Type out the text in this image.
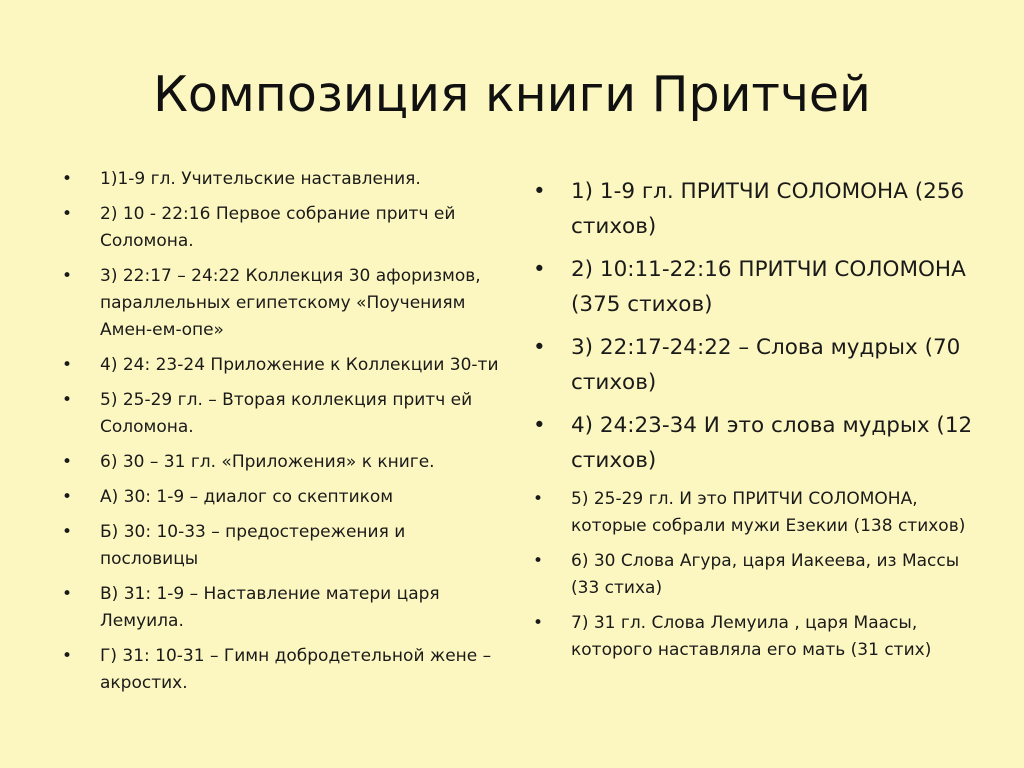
Композиция книги Притчей
• 1)1-9 гл. Учительские наставления.
• 2) 10 - 22:16 Первое собрание притч ей Соломона.
• 3) 22:17 – 24:22 Коллекция 30 афоризмов, параллельных египетскому «Поучениям Амен-ем-опе»
• 4) 24: 23-24 Приложение к Коллекции 30-ти
• 5) 25-29 гл. – Вторая коллекция притч ей Соломона.
• 6) 30 – 31 гл. «Приложения» к книге.
• А) 30: 1-9 – диалог со скептиком
• Б) 30: 10-33 – предостережения и пословицы
• В) 31: 1-9 – Наставление матери царя Лемуила.
• Г) 31: 10-31 – Гимн добродетельной жене – акростих.
• 1) 1-9 гл. ПРИТЧИ СОЛОМОНА (256 стихов)
• 2) 10:11-22:16 ПРИТЧИ СОЛОМОНА (375 стихов)
• 3) 22:17-24:22 – Слова мудрых (70 стихов)
• 4) 24:23-34 И это слова мудрых (12 стихов)
• 5) 25-29 гл. И это ПРИТЧИ СОЛОМОНА, которые собрали мужи Езекии (138 стихов)
• 6) 30 Слова Агура, царя Иакеева, из Массы (33 стиха)
• 7) 31 гл. Слова Лемуила , царя Маасы, которого наставляла его мать (31 стих)
